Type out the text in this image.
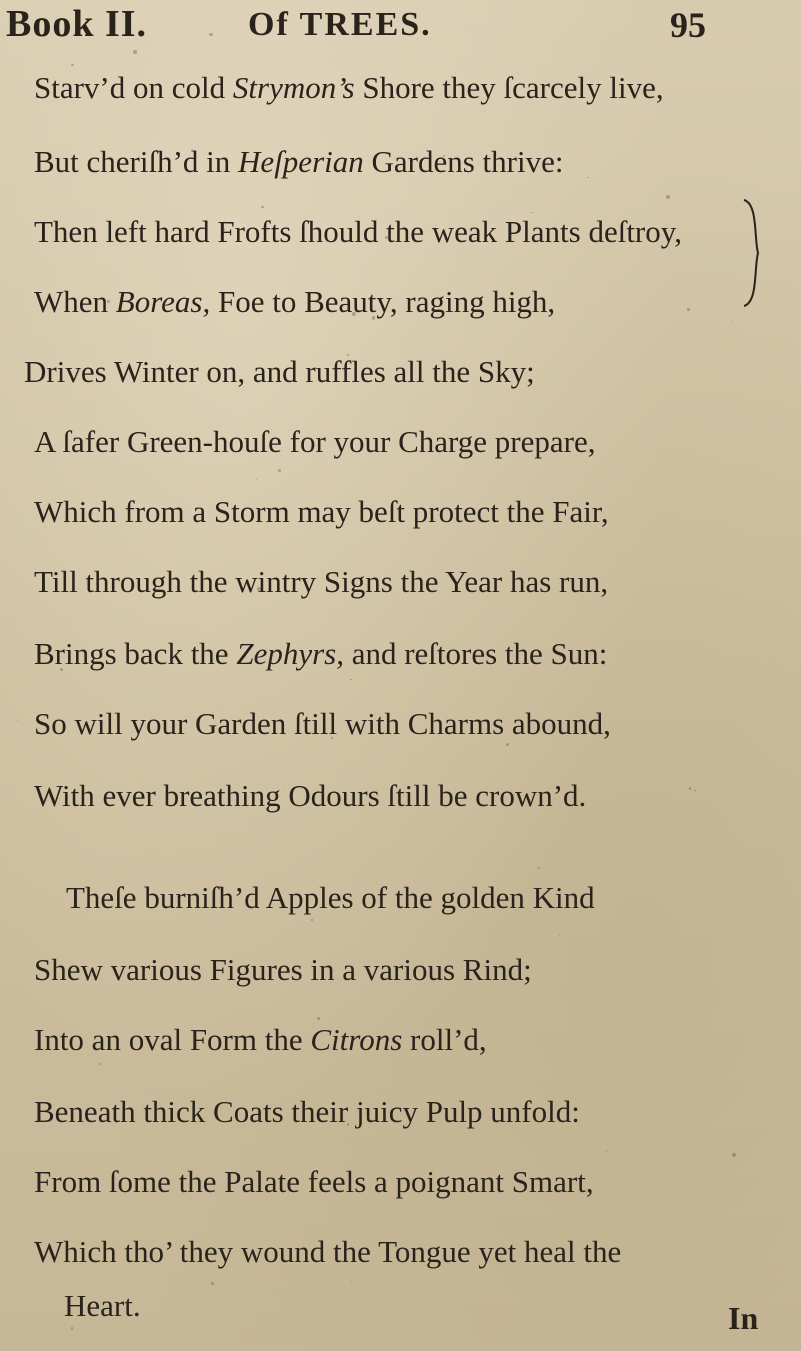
Book II.	Of TREES.	95
Starv’d on cold Strymon’s Shore they ſcarcely live,
But cheriſh’d in Heſperian Gardens thrive:
Then left hard Frofts ſhould the weak Plants deſtroy,
When Boreas, Foe to Beauty, raging high,
Drives Winter on, and ruffles all the Sky;
A ſafer Green-houſe for your Charge prepare,
Which from a Storm may beſt protect the Fair,
Till through the wintry Signs the Year has run,
Brings back the Zephyrs, and reſtores the Sun:
So will your Garden ſtill with Charms abound,
With ever breathing Odours ſtill be crown’d.
Theſe burniſh’d Apples of the golden Kind
Shew various Figures in a various Rind;
Into an oval Form the Citrons roll’d,
Beneath thick Coats their juicy Pulp unfold:
From ſome the Palate feels a poignant Smart,
Which tho’ they wound the Tongue yet heal the
Heart.	In
